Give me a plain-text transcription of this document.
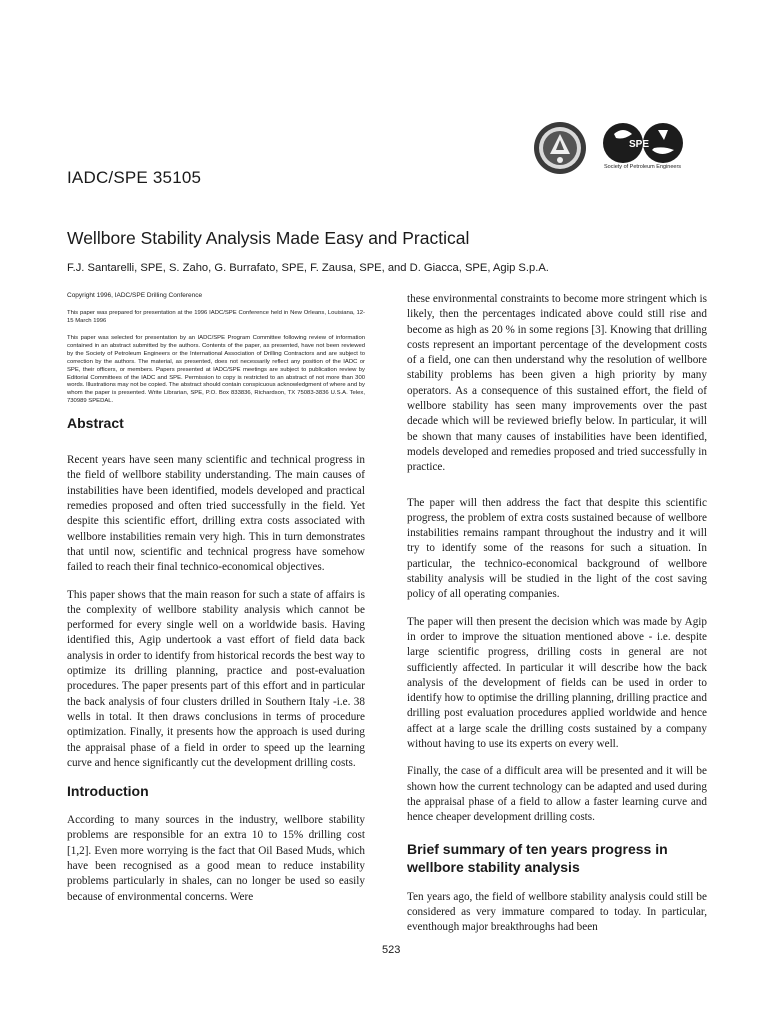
SPE
Society of Petroleum Engineers
IADC/SPE 35105
Wellbore Stability Analysis Made Easy and Practical
F.J. Santarelli, SPE, S. Zaho, G. Burrafato, SPE, F. Zausa, SPE, and D. Giacca, SPE, Agip S.p.A.

Copyright 1996, IADC/SPE Drilling Conference

This paper was prepared for presentation at the 1996 IADC/SPE Conference held in New Orleans, Louisiana, 12-15 March 1996

This paper was selected for presentation by an IADC/SPE Program Committee following review of information contained in an abstract submitted by the authors. Contents of the paper, as presented, have not been reviewed by the Society of Petroleum Engineers or the International Association of Drilling Contractors and are subject to correction by the authors. The material, as presented, does not necessarily reflect any position of the IADC or SPE, their officers, or members. Papers presented at IADC/SPE meetings are subject to publication review by Editorial Committees of the IADC and SPE. Permission to copy is restricted to an abstract of not more than 300 words. Illustrations may not be copied. The abstract should contain conspicuous acknowledgment of where and by whom the paper is presented. Write Librarian, SPE, P.O. Box 833836, Richardson, TX 75083-3836 U.S.A. Telex, 730989 SPEDAL.

Abstract

Recent years have seen many scientific and technical progress in the field of wellbore stability understanding. The main causes of instabilities have been identified, models developed and practical remedies proposed and often tried successfully in the field. Yet despite this scientific effort, drilling extra costs associated with wellbore instabilities remain very high. This in turn demonstrates that until now, scientific and technical progress have somehow failed to reach their final technico-economical objectives.

This paper shows that the main reason for such a state of affairs is the complexity of wellbore stability analysis which cannot be performed for every single well on a worldwide basis. Having identified this, Agip undertook a vast effort of field data back analysis in order to identify from historical records the best way to optimize its drilling planning, practice and post-evaluation procedures. The paper presents part of this effort and in particular the back analysis of four clusters drilled in Southern Italy -i.e. 38 wells in total. It then draws conclusions in terms of procedure optimization. Finally, it presents how the approach is used during the appraisal phase of a field in order to speed up the learning curve and hence significantly cut the development drilling costs.

Introduction

According to many sources in the industry, wellbore stability problems are responsible for an extra 10 to 15% drilling cost [1,2]. Even more worrying is the fact that Oil Based Muds, which have been recognised as a good mean to reduce instability problems particularly in shales, can no longer be used so easily because of environmental concerns. Were

these environmental constraints to become more stringent which is likely, then the percentages indicated above could still rise and become as high as 20 % in some regions [3]. Knowing that drilling costs represent an important percentage of the development costs of a field, one can then understand why the resolution of wellbore stability problems has been given a high priority by many operators. As a consequence of this sustained effort, the field of wellbore stability has seen many improvements over the past decade which will be reviewed briefly below. In particular, it will be shown that many causes of instabilities have been identified, models developed and remedies proposed and tried successfully in practice.

The paper will then address the fact that despite this scientific progress, the problem of extra costs sustained because of wellbore instabilities remains rampant throughout the industry and it will try to identify some of the reasons for such a situation. In particular, the technico-economical background of wellbore stability analysis will be studied in the light of the cost saving policy of all operating companies.

The paper will then present the decision which was made by Agip in order to improve the situation mentioned above - i.e. despite large scientific progress, drilling costs in general are not sufficiently affected. In particular it will describe how the back analysis of the development of fields can be used in order to identify how to optimise the drilling planning, drilling practice and drilling post evaluation procedures applied worldwide and hence affect at a large scale the drilling costs sustained by a company without having to use its experts on every well.

Finally, the case of a difficult area will be presented and it will be shown how the current technology can be adapted and used during the appraisal phase of a field to allow a faster learning curve and hence cheaper development drilling costs.

Brief summary of ten years progress in wellbore stability analysis

Ten years ago, the field of wellbore stability analysis could still be considered as very immature compared to today. In particular, eventhough major breakthroughs had been

523
